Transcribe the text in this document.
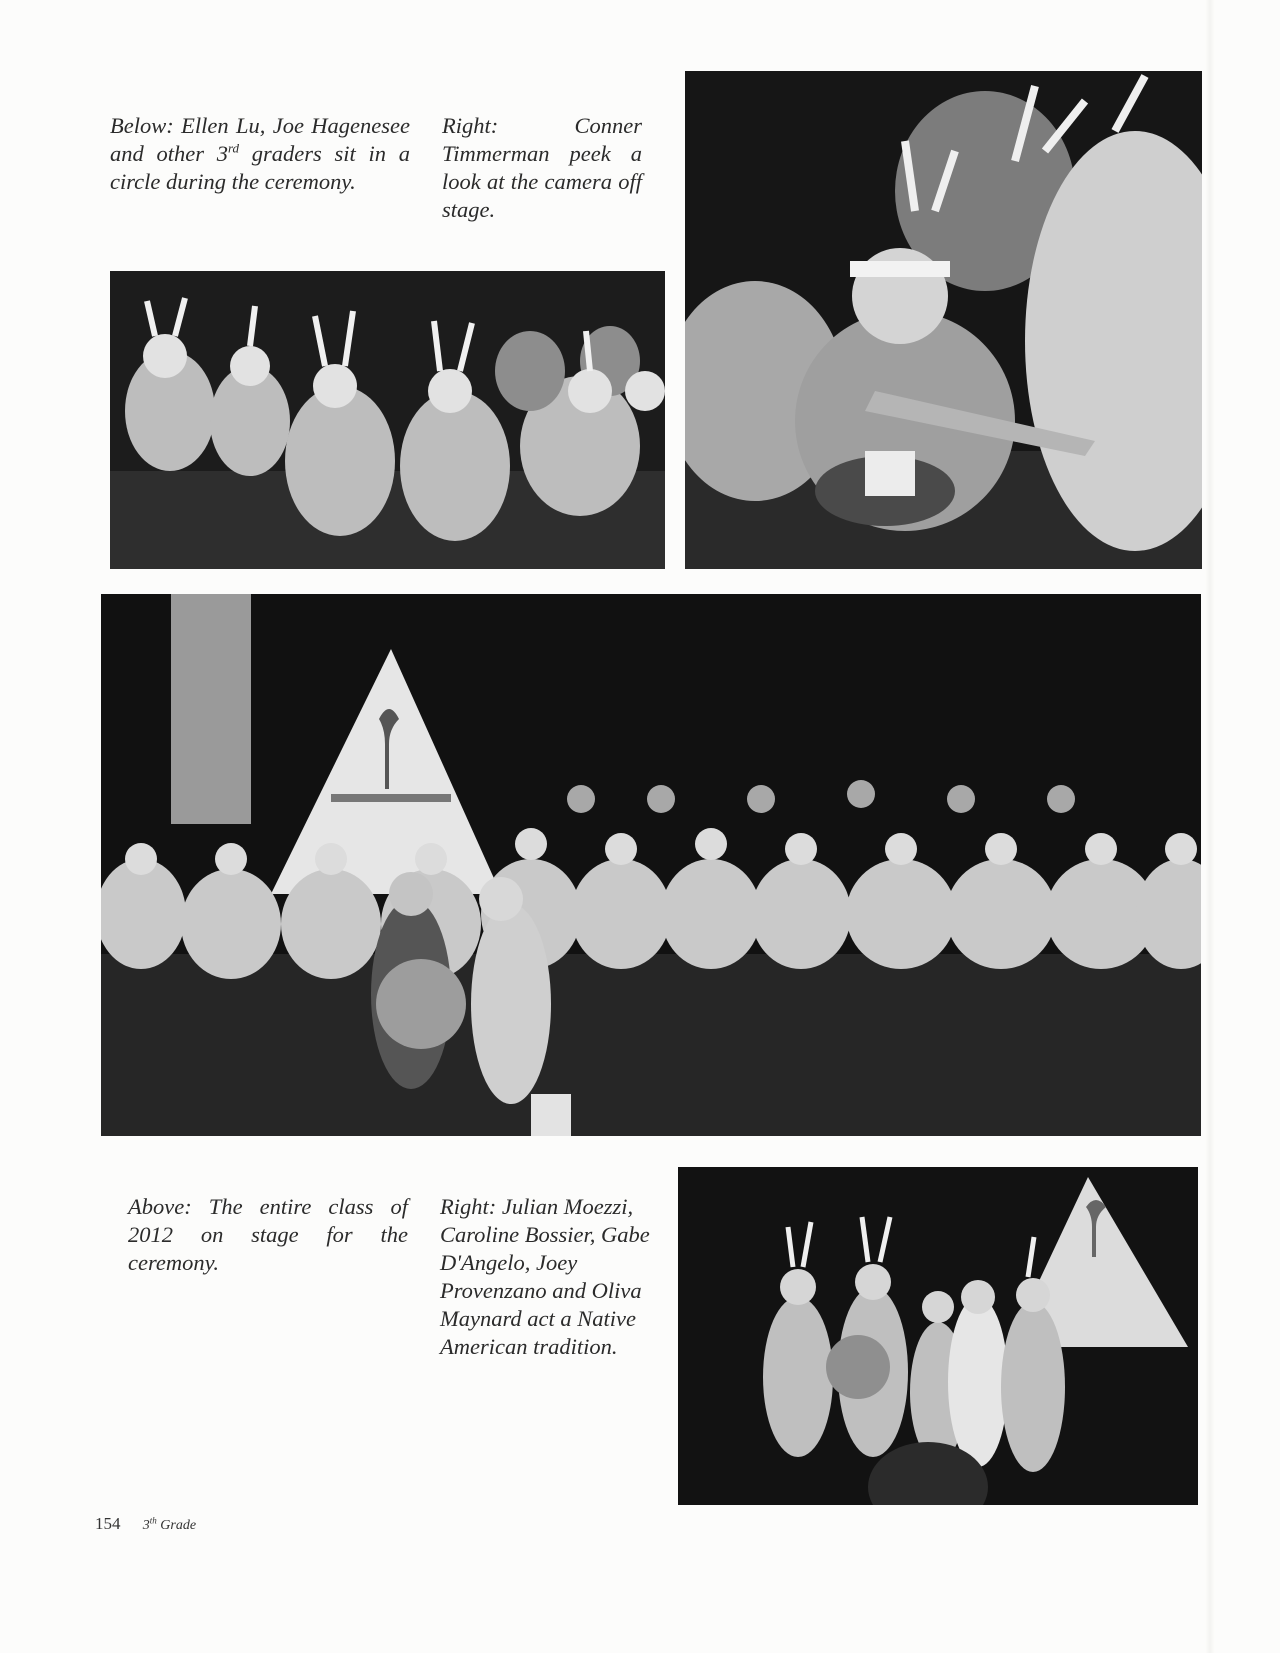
Below: Ellen Lu, Joe Hagenesee and other 3rd graders sit in a circle during the ceremony.
Right: Conner Timmerman peek a look at the camera off stage.
Above: The entire class of 2012 on stage for the ceremony.
Right: Julian Moezzi, Caroline Bossier, Gabe D'Angelo, Joey Provenzano and Oliva Maynard act a Native American tradition.
154 3th Grade
